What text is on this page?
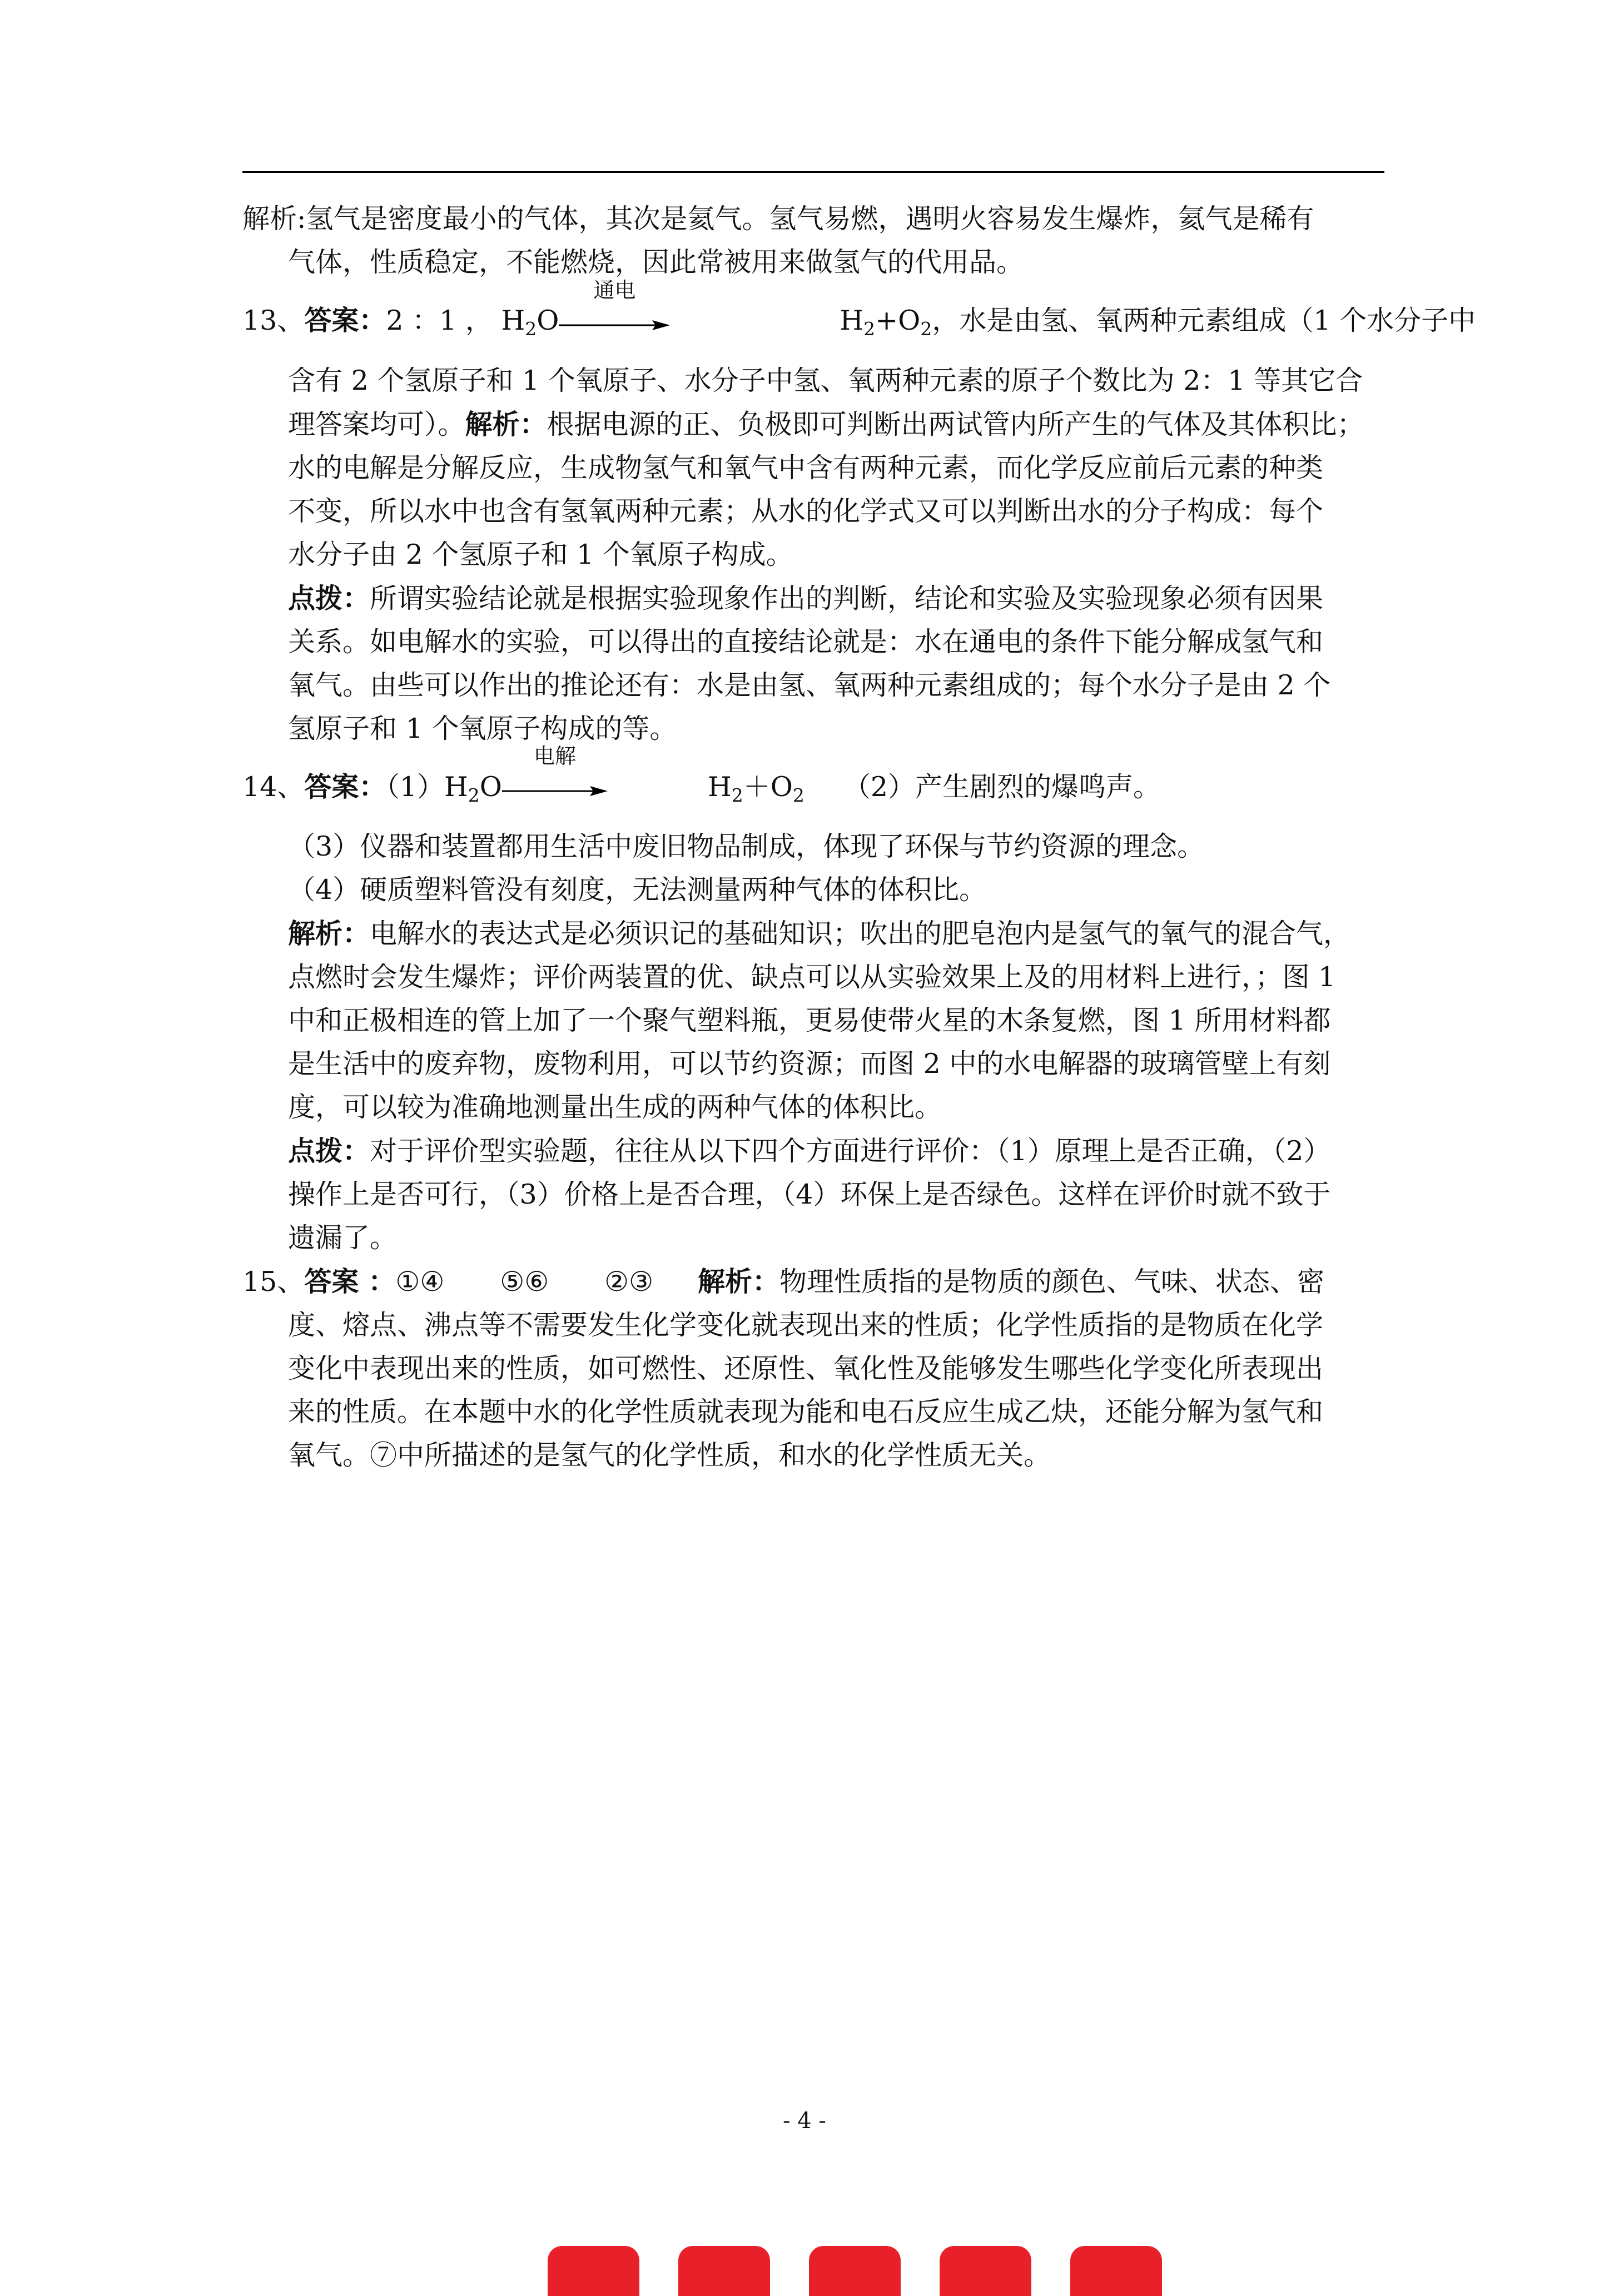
解析:氢气是密度最小的气体，其次是氦气。氢气易燃，遇明火容易发生爆炸，氦气是稀有
气体，性质稳定，不能燃烧，因此常被用来做氢气的代用品。
13、答案：2 ：1 ， $H_2O$
通电
$H_2+O_2$，水是由氢、氧两种元素组成（1 个水分子中
含有 2 个氢原子和 1 个氧原子、水分子中氢、氧两种元素的原子个数比为 2：1 等其它合
理答案均可）。解析：根据电源的正、负极即可判断出两试管内所产生的气体及其体积比；
水的电解是分解反应，生成物氢气和氧气中含有两种元素，而化学反应前后元素的种类
不变，所以水中也含有氢氧两种元素；从水的化学式又可以判断出水的分子构成：每个
水分子由 2 个氢原子和 1 个氧原子构成。
点拨：所谓实验结论就是根据实验现象作出的判断，结论和实验及实验现象必须有因果
关系。如电解水的实验，可以得出的直接结论就是：水在通电的条件下能分解成氢气和
氧气。由些可以作出的推论还有：水是由氢、氧两种元素组成的；每个水分子是由 2 个
氢原子和 1 个氧原子构成的等。
14、答案：$(1)H_2O$
电解
$H_2+O_2$ （2）产生剧烈的爆鸣声。
（3）仪器和装置都用生活中废旧物品制成，体现了环保与节约资源的理念。
（4）硬质塑料管没有刻度，无法测量两种气体的体积比。
解析：电解水的表达式是必须识记的基础知识；吹出的肥皂泡内是氢气的氧气的混合气，
点燃时会发生爆炸；评价两装置的优、缺点可以从实验效果上及的用材料上进行，；图 1
中和正极相连的管上加了一个聚气塑料瓶，更易使带火星的木条复燃，图 1 所用材料都
是生活中的废弃物，废物利用，可以节约资源；而图 2 中的水电解器的玻璃管壁上有刻
度，可以较为准确地测量出生成的两种气体的体积比。
点拨：对于评价型实验题，往往从以下四个方面进行评价：（1）原理上是否正确，（2）
操作上是否可行，（3）价格上是否合理，（4）环保上是否绿色。这样在评价时就不致于
遗漏了。
15、答案 ：①④ ⑤⑥ ②③ 解析：物理性质指的是物质的颜色、气味、状态、密
度、熔点、沸点等不需要发生化学变化就表现出来的性质；化学性质指的是物质在化学
变化中表现出来的性质，如可燃性、还原性、氧化性及能够发生哪些化学变化所表现出
来的性质。在本题中水的化学性质就表现为能和电石反应生成乙炔，还能分解为氢气和
氧气。⑦中所描述的是氢气的化学性质，和水的化学性质无关。
- 4 -
